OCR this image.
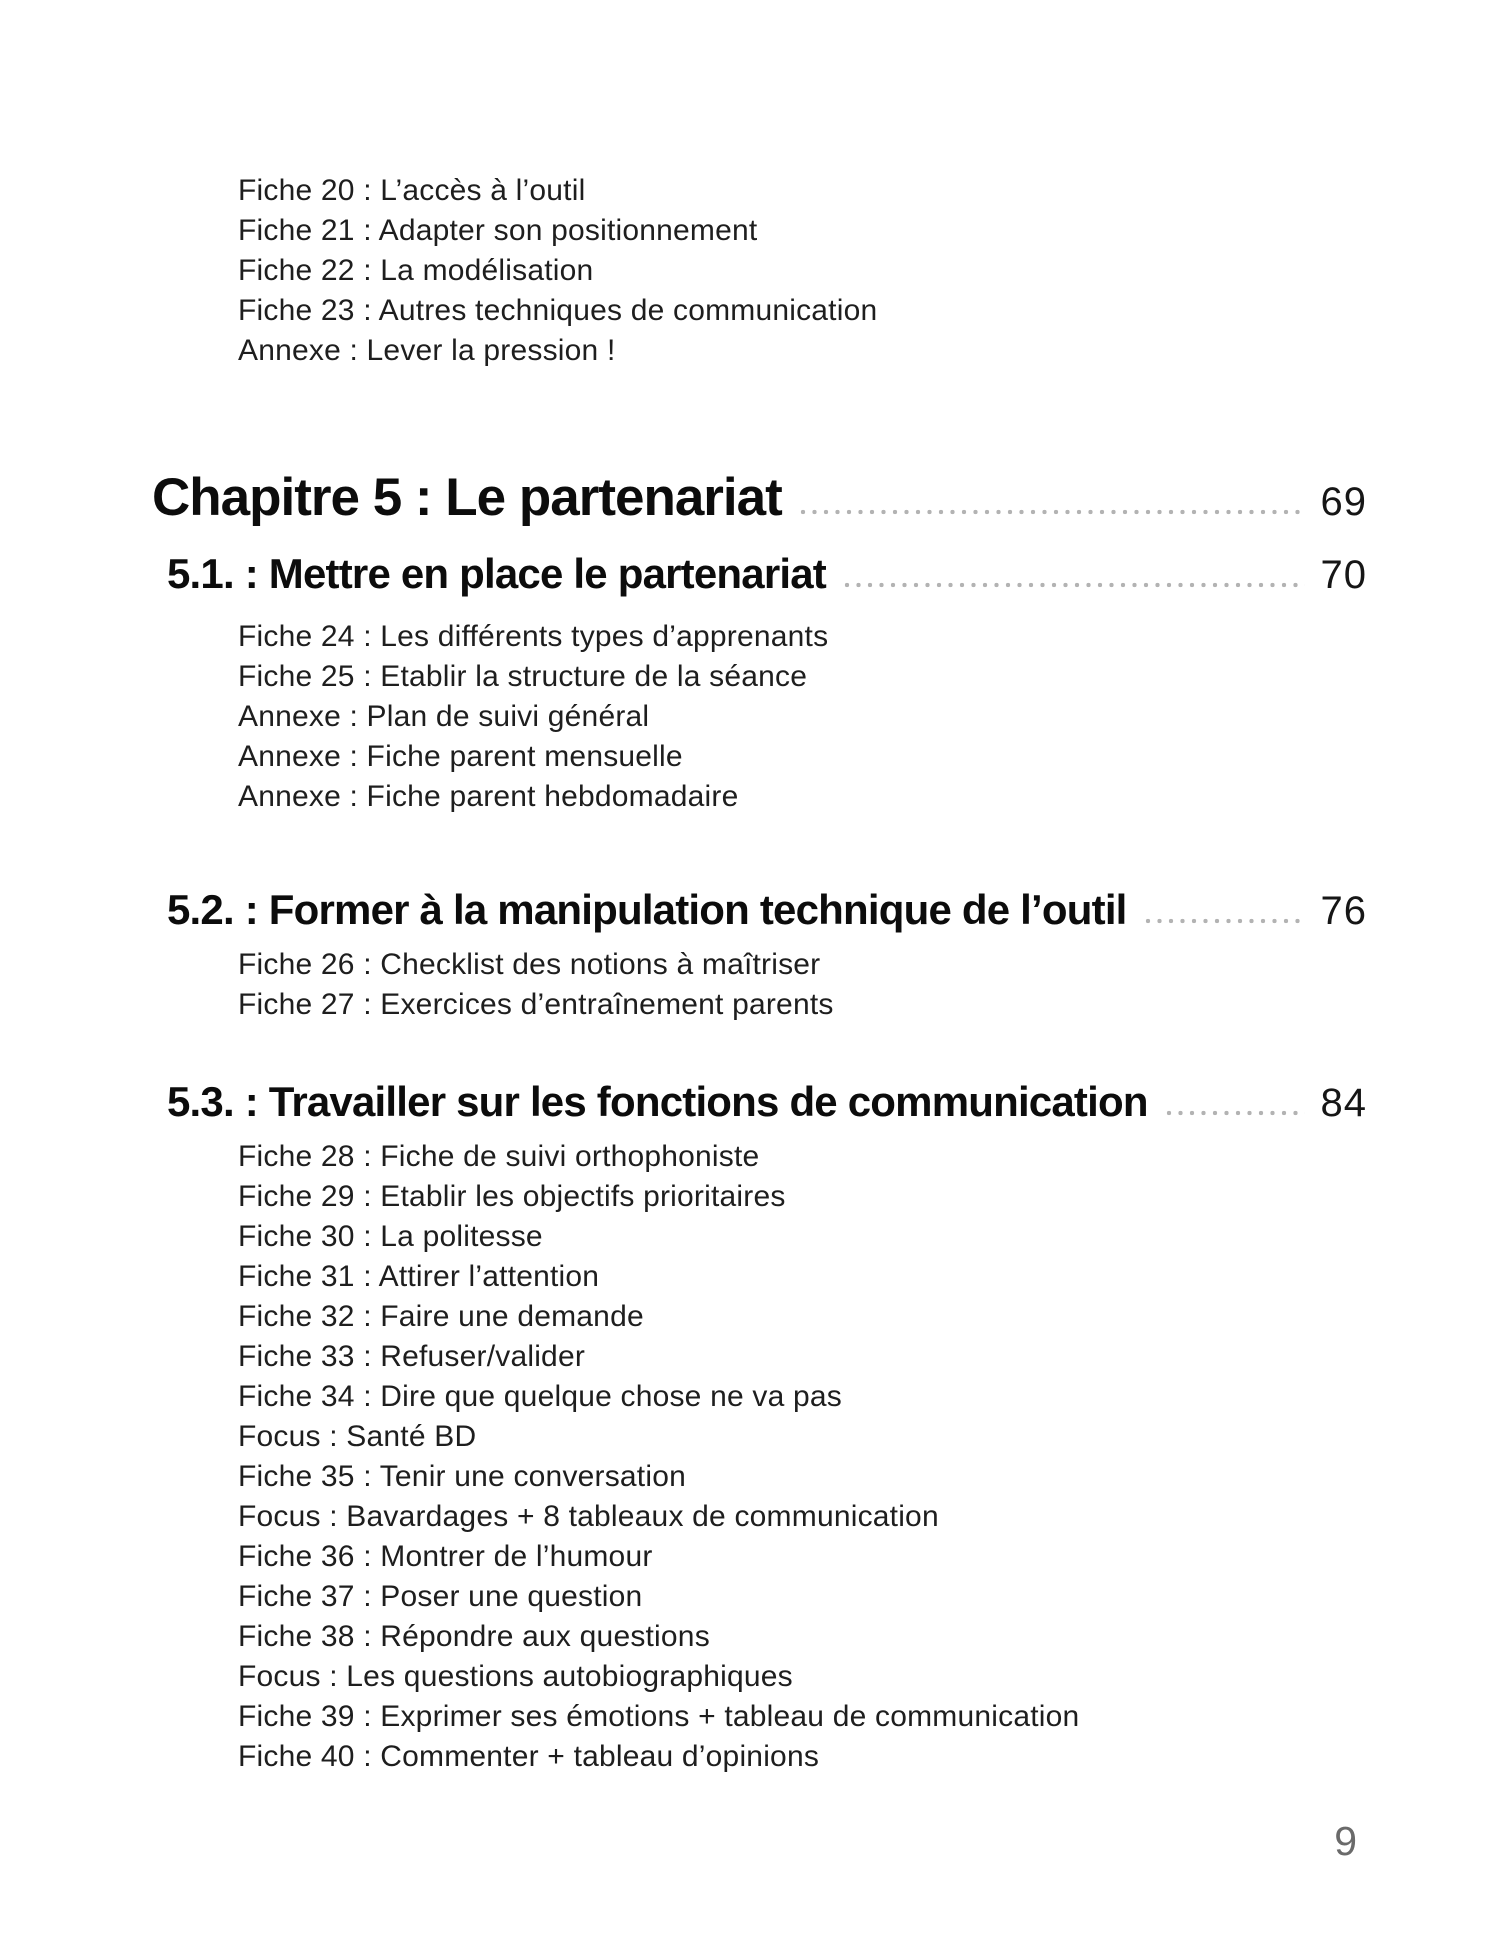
Fiche 20 : L’accès à l’outil
Fiche 21 : Adapter son positionnement
Fiche 22 : La modélisation
Fiche 23 : Autres techniques de communication
Annexe : Lever la pression !
Chapitre 5 : Le partenariat	69
5.1. : Mettre en place le partenariat	70
Fiche 24 : Les différents types d’apprenants
Fiche 25 : Etablir la structure de la séance
Annexe : Plan de suivi général
Annexe : Fiche parent mensuelle
Annexe : Fiche parent hebdomadaire
5.2. : Former à la manipulation technique de l’outil	76
Fiche 26 : Checklist des notions à maîtriser
Fiche 27 : Exercices d’entraînement parents
5.3. : Travailler sur les fonctions de communication	84
Fiche 28 : Fiche de suivi orthophoniste
Fiche 29 : Etablir les objectifs prioritaires
Fiche 30 : La politesse
Fiche 31 : Attirer l’attention
Fiche 32 : Faire une demande
Fiche 33 : Refuser/valider
Fiche 34 : Dire que quelque chose ne va pas
Focus : Santé BD
Fiche 35 : Tenir une conversation
Focus : Bavardages + 8 tableaux de communication
Fiche 36 : Montrer de l’humour
Fiche 37 : Poser une question
Fiche 38 : Répondre aux questions
Focus : Les questions autobiographiques
Fiche 39 : Exprimer ses émotions + tableau de communication
Fiche 40 : Commenter + tableau d’opinions
9
